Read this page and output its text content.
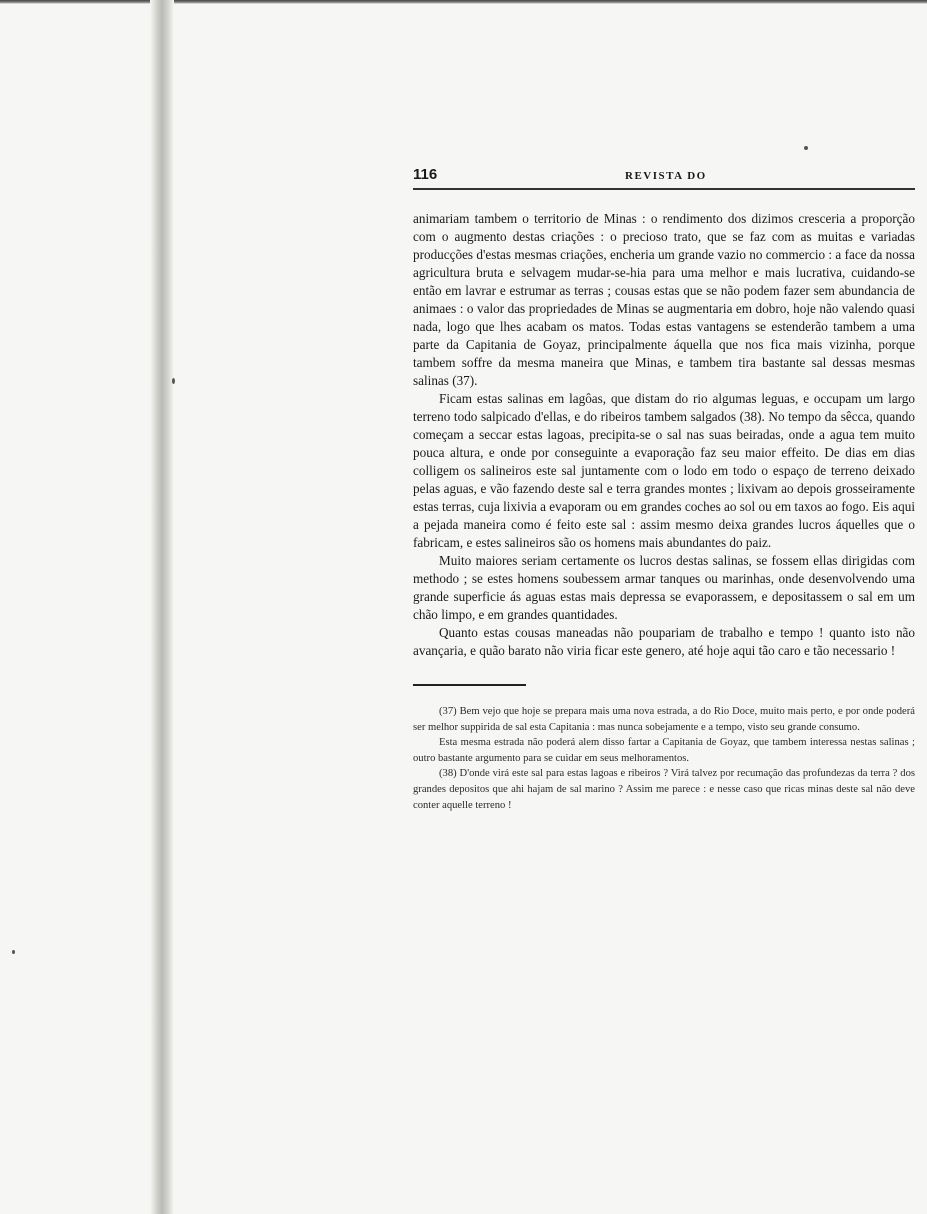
116	REVISTA DO

animariam tambem o territorio de Minas : o rendimento dos dizimos cresceria a proporção com o augmento destas criações : o precioso trato, que se faz com as muitas e variadas producções d'estas mesmas criações, encheria um grande vazio no commercio : a face da nossa agricultura bruta e selvagem mudar-se-hia para uma melhor e mais lucrativa, cuidando-se então em lavrar e estrumar as terras ; cousas estas que se não podem fazer sem abundancia de animaes : o valor das propriedades de Minas se augmentaria em dobro, hoje não valendo quasi nada, logo que lhes acabam os matos. Todas estas vantagens se estenderão tambem a uma parte da Capitania de Goyaz, principalmente áquella que nos fica mais vizinha, porque tambem soffre da mesma maneira que Minas, e tambem tira bastante sal dessas mesmas salinas (37).

Ficam estas salinas em lagôas, que distam do rio algumas leguas, e occupam um largo terreno todo salpicado d'ellas, e do ribeiros tambem salgados (38). No tempo da sêcca, quando começam a seccar estas lagoas, precipita-se o sal nas suas beiradas, onde a agua tem muito pouca altura, e onde por conseguinte a evaporação faz seu maior effeito. De dias em dias colligem os salineiros este sal juntamente com o lodo em todo o espaço de terreno deixado pelas aguas, e vão fazendo deste sal e terra grandes montes ; lixivam ao depois grosseiramente estas terras, cuja lixivia a evaporam ou em grandes coches ao sol ou em taxos ao fogo. Eis aqui a pejada maneira como é feito este sal : assim mesmo deixa grandes lucros áquelles que o fabricam, e estes salineiros são os homens mais abundantes do paiz.

Muito maiores seriam certamente os lucros destas salinas, se fossem ellas dirigidas com methodo ; se estes homens soubessem armar tanques ou marinhas, onde desenvolvendo uma grande superficie ás aguas estas mais depressa se evaporassem, e depositassem o sal em um chão limpo, e em grandes quantidades.

Quanto estas cousas maneadas não poupariam de trabalho e tempo ! quanto isto não avançaria, e quão barato não viria ficar este genero, até hoje aqui tão caro e tão necessario !

(37) Bem vejo que hoje se prepara mais uma nova estrada, a do Rio Doce, muito mais perto, e por onde poderá ser melhor suppirida de sal esta Capitania : mas nunca sobejamente e a tempo, visto seu grande consumo.

Esta mesma estrada não poderá alem disso fartar a Capitania de Goyaz, que tambem interessa nestas salinas ; outro bastante argumento para se cuidar em seus melhoramentos.

(38) D'onde virá este sal para estas lagoas e ribeiros ? Virá talvez por recumação das profundezas da terra ? dos grandes depositos que ahi hajam de sal marino ? Assim me parece : e nesse caso que ricas minas deste sal não deve conter aquelle terreno !
